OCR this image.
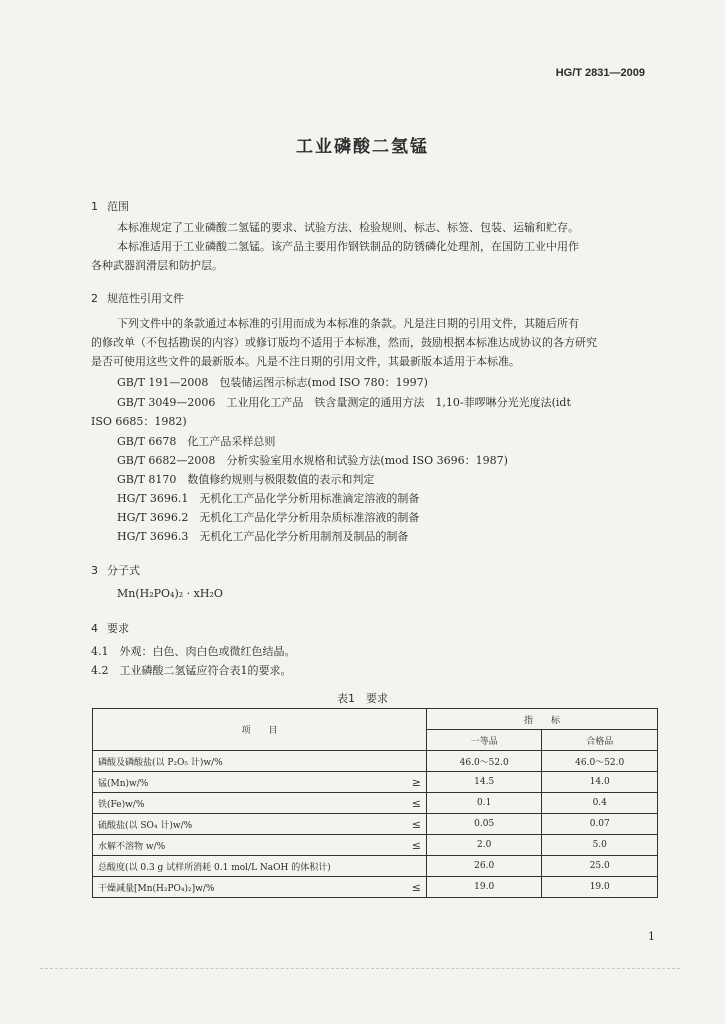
HG/T 2831—2009
工业磷酸二氢锰
1 范围
本标准规定了工业磷酸二氢锰的要求、试验方法、检验规则、标志、标签、包装、运输和贮存。
本标准适用于工业磷酸二氢锰。该产品主要用作钢铁制品的防锈磷化处理剂，在国防工业中用作
各种武器润滑层和防护层。
2 规范性引用文件
下列文件中的条款通过本标准的引用而成为本标准的条款。凡是注日期的引用文件，其随后所有
的修改单（不包括勘误的内容）或修订版均不适用于本标准，然而，鼓励根据本标准达成协议的各方研究
是否可使用这些文件的最新版本。凡是不注日期的引用文件，其最新版本适用于本标准。
GB/T 191—2008　包装储运图示标志(mod ISO 780：1997)
GB/T 3049—2006　工业用化工产品　铁含量测定的通用方法　1,10-菲啰啉分光光度法(idt
ISO 6685：1982)
GB/T 6678　化工产品采样总则
GB/T 6682—2008　分析实验室用水规格和试验方法(mod ISO 3696：1987)
GB/T 8170　数值修约规则与极限数值的表示和判定
HG/T 3696.1　无机化工产品化学分析用标准滴定溶液的制备
HG/T 3696.2　无机化工产品化学分析用杂质标准溶液的制备
HG/T 3696.3　无机化工产品化学分析用制剂及制品的制备
3 分子式
Mn(H₂PO₄)₂ · xH₂O
4 要求
4.1　外观：白色、肉白色或微红色结晶。
4.2　工业磷酸二氢锰应符合表1的要求。
表1　要求
项　　目		指　　标	
		一等品	合格品
磷酸及磷酸盐(以 P₂O₅ 计)w/%		46.0～52.0	46.0～52.0
锰(Mn)w/%	≥	14.5	14.0
铁(Fe)w/%	≤	0.1	0.4
硫酸盐(以 SO₄ 计)w/%	≤	0.05	0.07
水解不溶物 w/%	≤	2.0	5.0
总酸度(以 0.3 g 试样所消耗 0.1 mol/L NaOH 的体积计)		26.0	25.0
干燥减量[Mn(H₂PO₄)₂]w/%	≤	19.0	19.0
1
